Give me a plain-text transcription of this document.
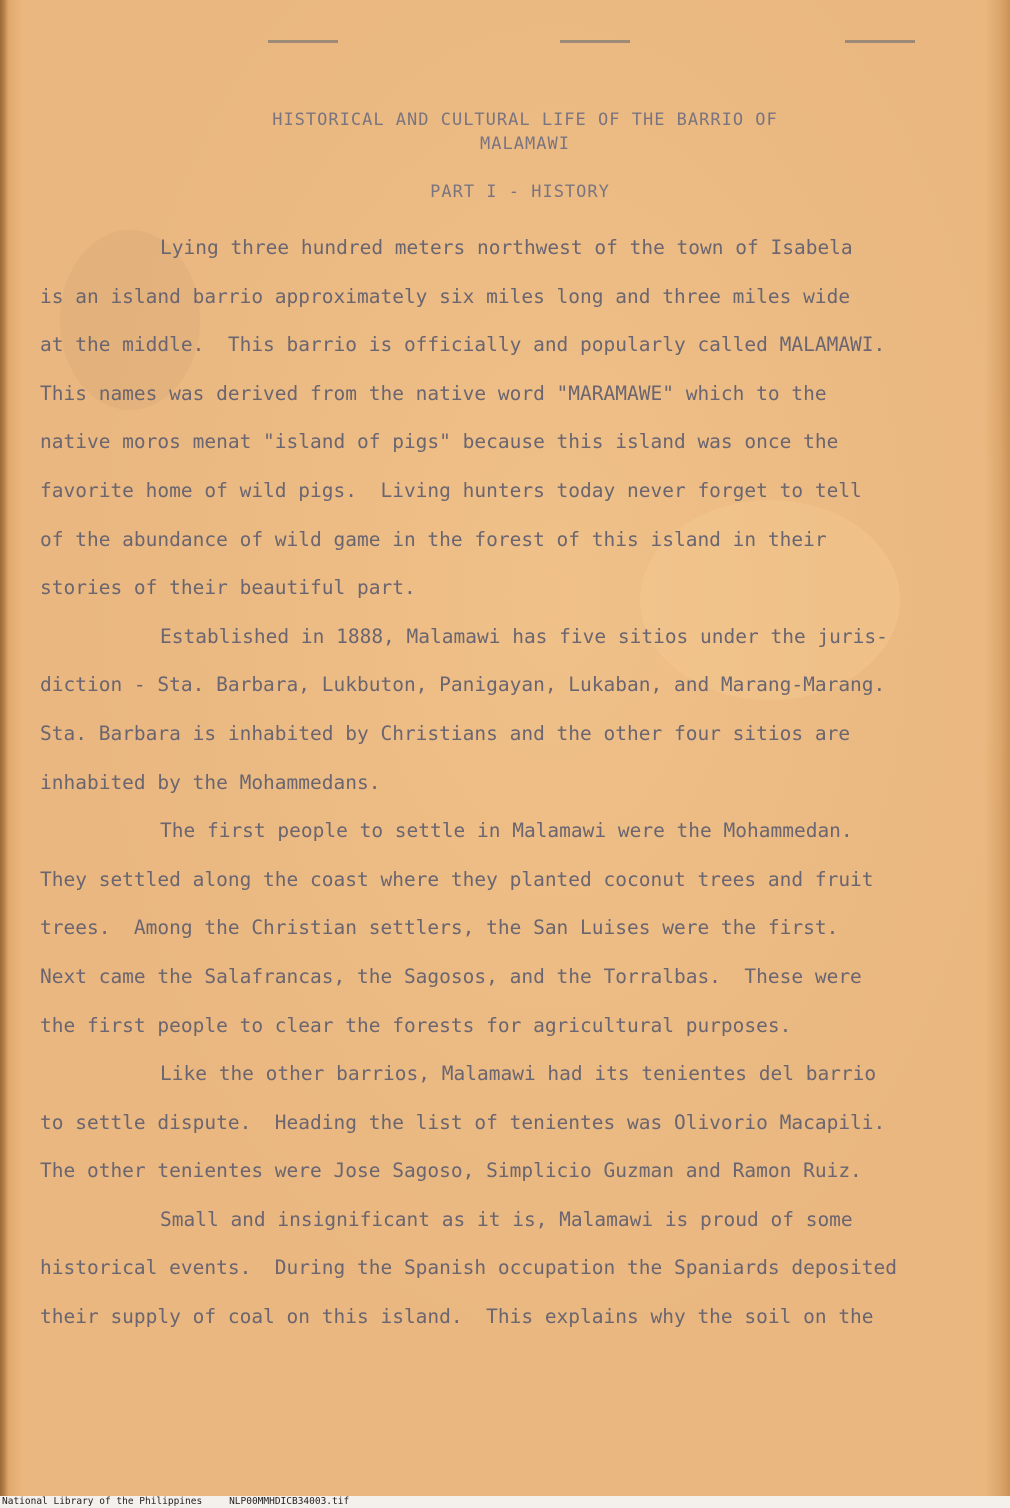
HISTORICAL AND CULTURAL LIFE OF THE BARRIO OF
MALAMAWI
PART I - HISTORY
Lying three hundred meters northwest of the town of Isabela
is an island barrio approximately six miles long and three miles wide
at the middle.  This barrio is officially and popularly called MALAMAWI.
This names was derived from the native word "MARAMAWE" which to the
native moros menat "island of pigs" because this island was once the
favorite home of wild pigs.  Living hunters today never forget to tell
of the abundance of wild game in the forest of this island in their
stories of their beautiful part.
Established in 1888, Malamawi has five sitios under the juris-
diction - Sta. Barbara, Lukbuton, Panigayan, Lukaban, and Marang-Marang.
Sta. Barbara is inhabited by Christians and the other four sitios are
inhabited by the Mohammedans.
The first people to settle in Malamawi were the Mohammedan.
They settled along the coast where they planted coconut trees and fruit
trees.  Among the Christian settlers, the San Luises were the first.
Next came the Salafrancas, the Sagosos, and the Torralbas.  These were
the first people to clear the forests for agricultural purposes.
Like the other barrios, Malamawi had its tenientes del barrio
to settle dispute.  Heading the list of tenientes was Olivorio Macapili.
The other tenientes were Jose Sagoso, Simplicio Guzman and Ramon Ruiz.
Small and insignificant as it is, Malamawi is proud of some
historical events.  During the Spanish occupation the Spaniards deposited
their supply of coal on this island.  This explains why the soil on the
National Library of the Philippines	NLP00MMHDICB34003.tif
